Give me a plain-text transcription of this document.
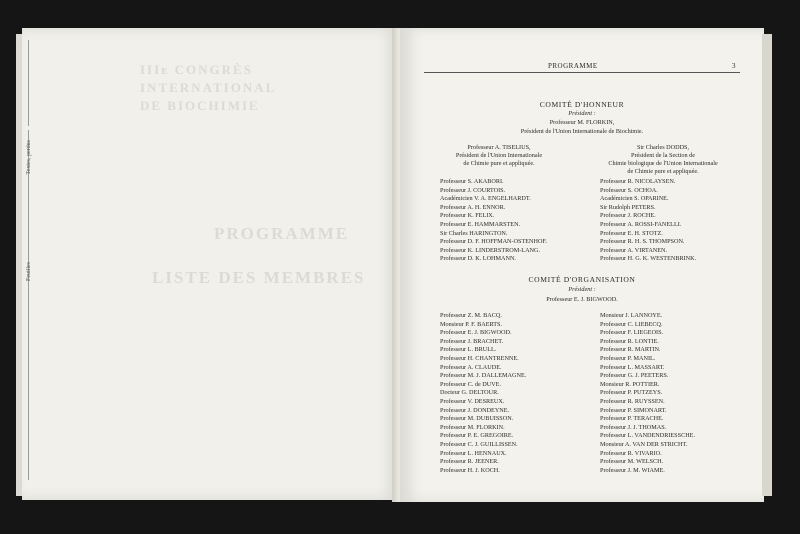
IIIᴇ CONGRÈS
INTERNATIONAL
DE BIOCHIMIE
PROGRAMME
LISTE DES MEMBRES
Textes, perdus
Feuilles
PROGRAMME	3
COMITÉ D'HONNEUR
Président :
Professeur M. FLORKIN,
Président de l'Union Internationale de Biochimie.
Professeur A. TISELIUS,
Président de l'Union Internationale
de Chimie pure et appliquée.
Sir Charles DODDS,
Président de la Section de
Chimie biologique de l'Union Internationale
de Chimie pure et appliquée.
Professeur S. AKABORI.
Professeur J. COURTOIS.
Académicien V. A. ENGELHARDT.
Professeur A. H. ENNOR.
Professeur K. FELIX.
Professeur E. HAMMARSTEN.
Sir Charles HARINGTON.
Professeur D. F. HOFFMAN-OSTENHOF.
Professeur K. LINDERSTROM-LANG.
Professeur D. K. LOHMANN.
Professeur R. NICOLAYSEN.
Professeur S. OCHOA.
Académicien S. OPARINE.
Sir Rudolph PETERS.
Professeur J. ROCHE.
Professeur A. ROSSI-FANELLI.
Professeur E. H. STOTZ.
Professeur R. H. S. THOMPSON.
Professeur A. VIRTANEN.
Professeur H. G. K. WESTENBRINK.
COMITÉ D'ORGANISATION
Président :
Professeur E. J. BIGWOOD.
Professeur Z. M. BACQ.
Monsieur P. F. BAERTS.
Professeur E. J. BIGWOOD.
Professeur J. BRACHET.
Professeur L. BRULL.
Professeur H. CHANTRENNE.
Professeur A. CLAUDE.
Professeur M. J. DALLEMAGNE.
Professeur C. de DUVE.
Docteur G. DELTOUR.
Professeur V. DESREUX.
Professeur J. DONDEYNE.
Professeur M. DUBUISSON.
Professeur M. FLORKIN.
Professeur P. E. GREGOIRE.
Professeur C. J. GUILLISSEN.
Professeur L. HENNAUX.
Professeur R. JEENER.
Professeur H. J. KOCH.
Monsieur J. LANNOYE.
Professeur C. LIEBECQ.
Professeur F. LIEGEOIS.
Professeur R. LONTIE.
Professeur R. MARTIN.
Professeur P. MANIL.
Professeur L. MASSART.
Professeur G. J. PEETERS.
Monsieur R. POTTIER.
Professeur P. PUTZEYS.
Professeur R. RUYSSEN.
Professeur P. SIMONART.
Professeur P. TERACHE.
Professeur J. J. THOMAS.
Professeur L. VANDENDRIESSCHE.
Monsieur A. VAN DER STRICHT.
Professeur R. VIVARIO.
Professeur M. WELSCH.
Professeur J. M. WIAME.
